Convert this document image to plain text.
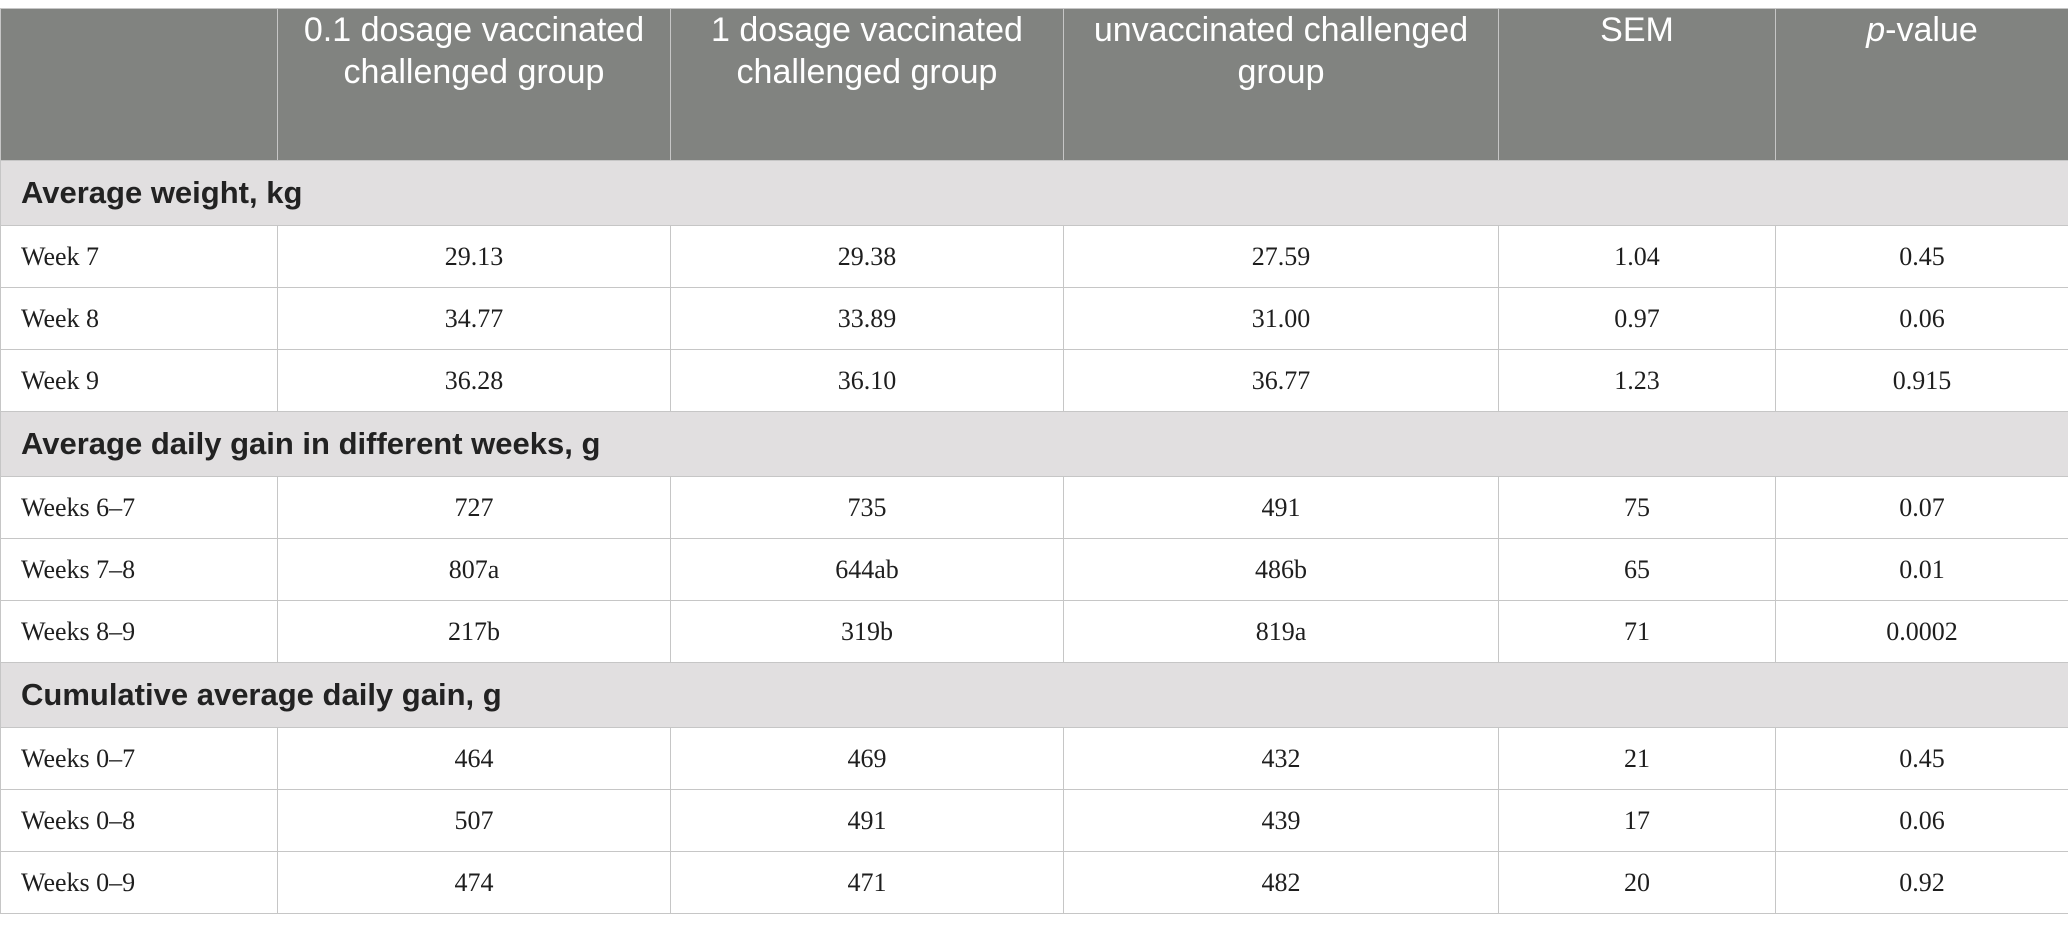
	0.1 dosage vaccinated challenged group	1 dosage vaccinated challenged group	unvaccinated challenged group	SEM	p-value
Average weight, kg					
Week 7	29.13	29.38	27.59	1.04	0.45
Week 8	34.77	33.89	31.00	0.97	0.06
Week 9	36.28	36.10	36.77	1.23	0.915
Average daily gain in different weeks, g					
Weeks 6–7	727	735	491	75	0.07
Weeks 7–8	807a	644ab	486b	65	0.01
Weeks 8–9	217b	319b	819a	71	0.0002
Cumulative average daily gain, g					
Weeks 0–7	464	469	432	21	0.45
Weeks 0–8	507	491	439	17	0.06
Weeks 0–9	474	471	482	20	0.92
